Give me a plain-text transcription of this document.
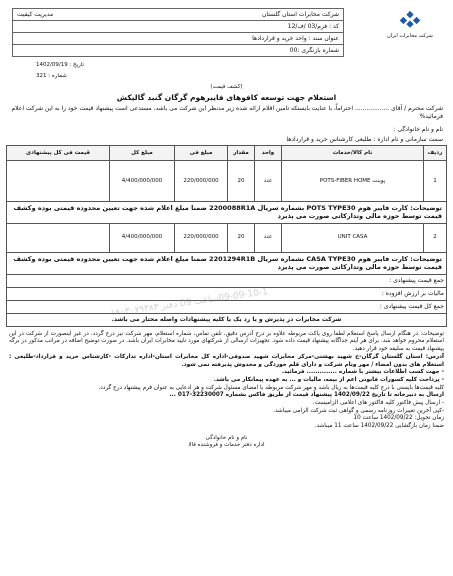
شرکت مخابرات ایران
شرکت مخابرات استان گلستان
مدیریت کیفیت
کد : فرم/03 /ف/12
عنوان سند : واحد خرید و قراردادها
شماره بازنگری :00
تاریخ : 1402/09/19
شماره : 321
(کشف قیمت)
استعلام جهت توسعه کافوهای فایبرهوم گرگان گنبد گالیکش
شرکت محترم / آقای .................. احتراماً، با عنایت بایستکه تامین اقلام ارائه شده زیر مدنظر این شرکت می باشد، مستدعی است پیشنهاد قیمت خود را به این شرکت اعلام فرمائید%
نام و نام خانوادگی :
سمت سازمانی و نام اداره : طلیعی کارشناس خرید و قراردادها
ردیف	نام کالا/خدمات	واحد	مقدار	مبلغ فی	مبلغ کل	قیمت فی کل پیشنهادی
1	پوینت POTS-FIBER HOME	عدد	20	220/000/000	4/400/000/000	
توضیحات: کارت فایبر هوم POTS TYPE30 بشماره سریال 2200088R1A ضمنا مبلغ اعلام شده جهت تعیین محدوده قیمتی بوده وکشف قیمت توسط حوزه مالی وتدارکاتی صورت می پذیرد						
2	UNIT CASA	عدد	20	220/000/000	4/400/000/000	
توضیحات: کارت فایبر هوم CASA TYPE30 بشماره سریال 2201294R1B ضمنا مبلغ اعلام شده جهت تعیین محدوده قیمتی بوده وکشف قیمت توسط حوزه مالی وتدارکاتی صورت می پذیرد						
جمع قیمت پیشنهادی :						
مالیات بر ارزش افزوده :						
جمع کل قیمت پیشنهادی :						
شرکت مخابرات در پذیرش و یا رد یک یا کلیه پیشنهادات واصله مختار می باشد.						
09-09-10-1ساعت 09 دفتر ۱۹۰۳۰۷۹۴۸۳
توضیحات: در هنگام ارسال پاسخ استعلام لطفا روی پاکت مربوطه علاوه بر درج آدرس دقیق، تلفن تماس، شماره استعلام، مهر شرکت نیز درج گردد. در غیر اینصورت از شرکت در این استعلام محروم خواهد شد. برای هر آیتم جداگانه پیشنهاد قیمت داده شود. تجهیزات ارسالی از شرکتهای مورد تایید مخابرات ایران باشد. در صورت توضیح اضافه در مراتب مذکور در برگه پیشنهاد قیمت به سلیقه خود قرار دهید.
آدرس: استان گلستان گرگان-خ شهید بهشتی-مرکز مخابرات شهید صدوقی-اداره کل مخابرات استان-اداره تدارکات -کارشناس خرید و قرارداد-طلیعی : استعلام های بدون امضاء / مهر ونام شرکت و دارای قلم خوردگی و مخدوش پذیرفته نمی شود.
- جهت کسب اطلاعات بیشتر با شماره .............. فرمائید.
- پرداخت کلیه کسورات قانونی اعم از بیمه، مالیات و ... به عهده پیمانکار می باشد.
کلیه قیمت‌ها بایستی با درج کلیه قیمت‌ها به ریال باشد و مهر شرکت مربوطه با امضای مسئول شرکت و هر ادعایی به عنوان فرم پیشنهاد درج گردد.
ارسال به دبیرخانه تا تاریخ 1402/09/22 پیشنهاد قیمت از طریق فاکس بشماره 32230007-017 ...
- ارسال پیش فاکتور کلیه فاکتور های اعلامی الزامیست.
-کپی آخرین تغییرات روزنامه رسمی و گواهی ثبت شرکت الزامی میباشد.
زمان تحویل: 1402/09/22 ساعت 10
ضمنا زمان بازگشایی 1402/09/22 ساعت 11 میباشد.
نام و نام خانوادگی
اداره دفتر خدمات و فروشنده فالا
